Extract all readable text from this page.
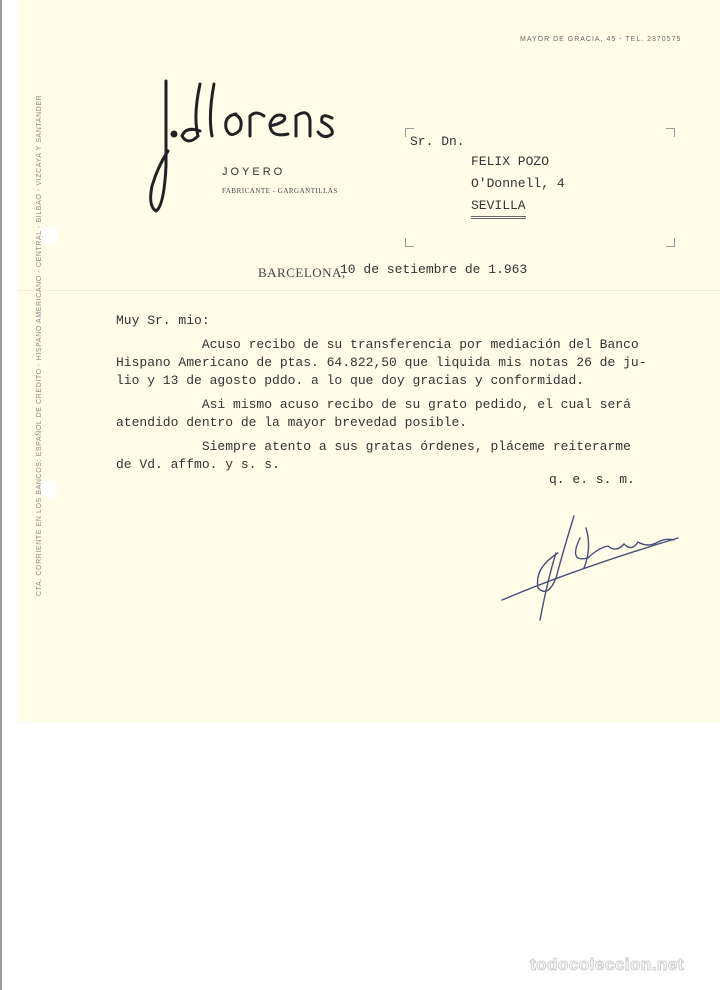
MAYOR DE GRACIA, 45 - TEL. 2370575
JOYERO
FABRICANTE - GARGANTILLAS
CTA. CORRIENTE EN LOS BANCOS: ESPAÑOL DE CREDITO - HISPANO AMERICANO - CENTRAL - BILBAO - VIZCAYA Y SANTANDER	Sr. Dn.
FELIX POZO
O'Donnell, 4
SEVILLA
BARCELONA,
10 de setiembre de 1.963
Muy Sr. mio:
Acuso recibo de su transferencia por mediación del Banco
Hispano Americano de ptas. 64.822,50 que liquida mis notas 26 de ju-
lio y 13 de agosto pddo. a lo que doy gracias y conformidad.
Asi mismo acuso recibo de su grato pedido, el cual será
atendido dentro de la mayor brevedad posible.
Siempre atento a sus gratas órdenes, pláceme reiterarme
de Vd. affmo. y s. s.
q. e. s. m.
todocoleccion.net
